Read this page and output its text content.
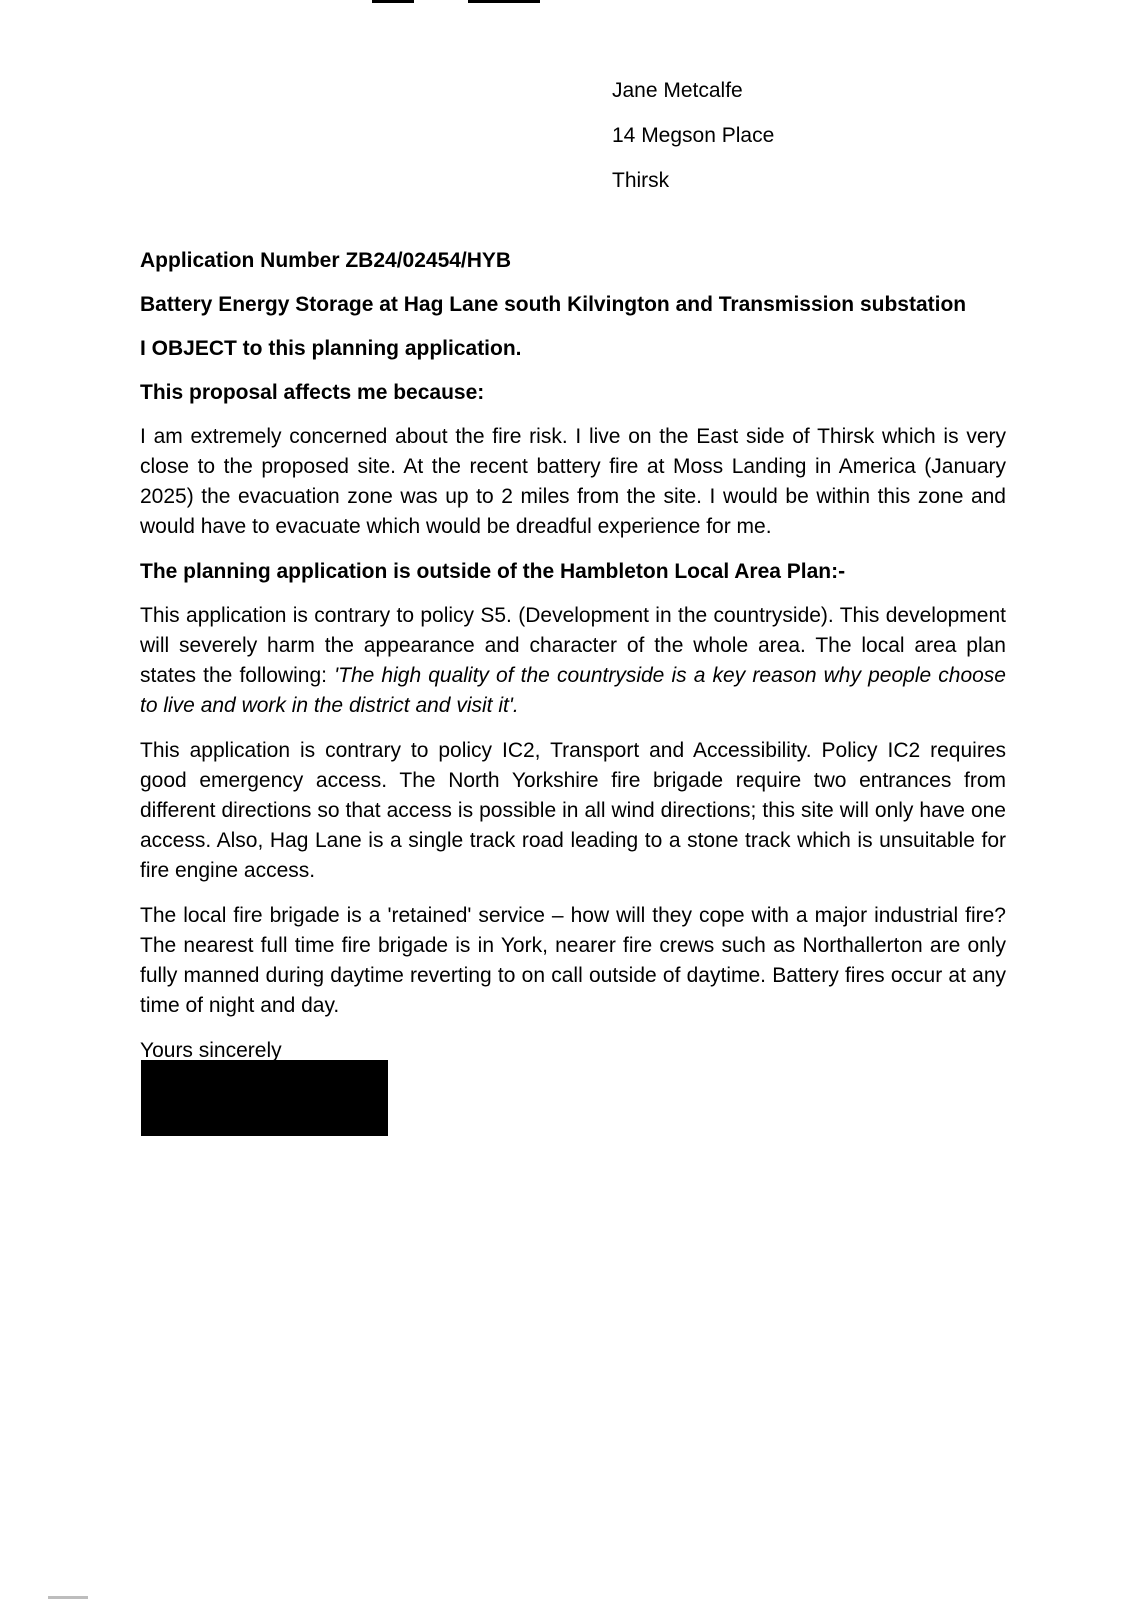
Jane Metcalfe
14 Megson Place
Thirsk

Application Number ZB24/02454/HYB

Battery Energy Storage at Hag Lane south Kilvington and Transmission substation

I OBJECT to this planning application.

This proposal affects me because:

I am extremely concerned about the fire risk. I live on the East side of Thirsk which is very close to the proposed site. At the recent battery fire at Moss Landing in America (January 2025) the evacuation zone was up to 2 miles from the site. I would be within this zone and would have to evacuate which would be dreadful experience for me.

The planning application is outside of the Hambleton Local Area Plan:-

This application is contrary to policy S5. (Development in the countryside). This development will severely harm the appearance and character of the whole area. The local area plan states the following: 'The high quality of the countryside is a key reason why people choose to live and work in the district and visit it'.

This application is contrary to policy IC2, Transport and Accessibility. Policy IC2 requires good emergency access. The North Yorkshire fire brigade require two entrances from different directions so that access is possible in all wind directions; this site will only have one access. Also, Hag Lane is a single track road leading to a stone track which is unsuitable for fire engine access.

The local fire brigade is a 'retained' service – how will they cope with a major industrial fire? The nearest full time fire brigade is in York, nearer fire crews such as Northallerton are only fully manned during daytime reverting to on call outside of daytime. Battery fires occur at any time of night and day.

Yours sincerely
